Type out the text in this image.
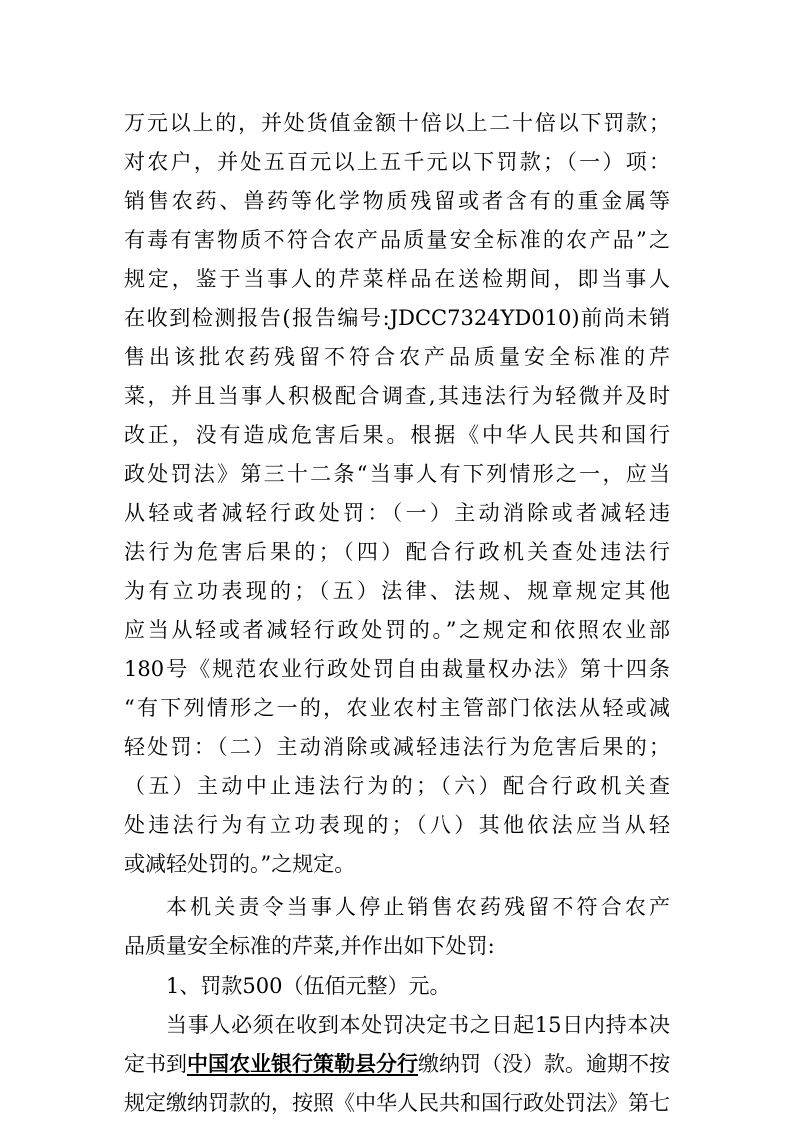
万元以上的，并处货值金额十倍以上二十倍以下罚款；
对农户，并处五百元以上五千元以下罚款；（一）项：
销售农药、兽药等化学物质残留或者含有的重金属等
有毒有害物质不符合农产品质量安全标准的农产品”之
规定，鉴于当事人的芹菜样品在送检期间，即当事人
在收到检测报告(报告编号:JDCC7324YD010)前尚未销
售出该批农药残留不符合农产品质量安全标准的芹
菜，并且当事人积极配合调查,其违法行为轻微并及时
改正，没有造成危害后果。根据《中华人民共和国行
政处罚法》第三十二条“当事人有下列情形之一，应当
从轻或者减轻行政处罚：（一）主动消除或者减轻违
法行为危害后果的；（四）配合行政机关查处违法行
为有立功表现的；（五）法律、法规、规章规定其他
应当从轻或者减轻行政处罚的。”之规定和依照农业部
180号《规范农业行政处罚自由裁量权办法》第十四条
“有下列情形之一的，农业农村主管部门依法从轻或减
轻处罚：（二）主动消除或减轻违法行为危害后果的；
（五）主动中止违法行为的；（六）配合行政机关查
处违法行为有立功表现的；（八）其他依法应当从轻
或减轻处罚的。”之规定。
本机关责令当事人停止销售农药残留不符合农产
品质量安全标准的芹菜,并作出如下处罚:
1、罚款500（伍佰元整）元。
当事人必须在收到本处罚决定书之日起15日内持本决
定书到中国农业银行策勒县分行缴纳罚（没）款。逾期不按
规定缴纳罚款的，按照《中华人民共和国行政处罚法》第七
